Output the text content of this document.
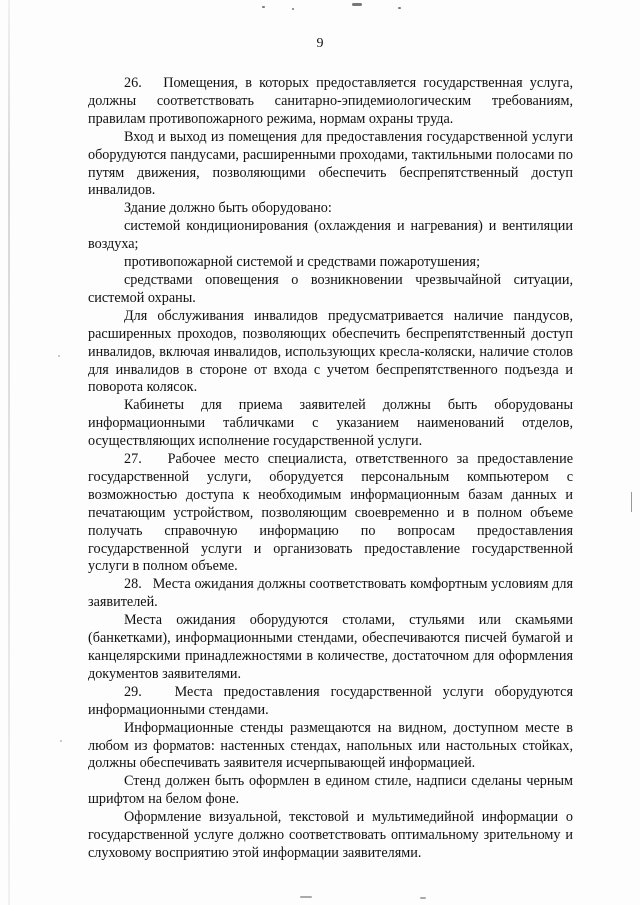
9

26.   Помещения, в которых предоставляется государственная услуга, должны соответствовать санитарно-эпидемиологическим требованиям, правилам противопожарного режима, нормам охраны труда.

Вход и выход из помещения для предоставления государственной услуги оборудуются пандусами, расширенными проходами, тактильными полосами по путям движения, позволяющими обеспечить беспрепятственный доступ инвалидов.

Здание должно быть оборудовано:

системой кондиционирования (охлаждения и нагревания) и вентиляции воздуха;

противопожарной системой и средствами пожаротушения;

средствами оповещения о возникновении чрезвычайной ситуации, системой охраны.

Для обслуживания инвалидов предусматривается наличие пандусов, расширенных проходов, позволяющих обеспечить беспрепятственный доступ инвалидов, включая инвалидов, использующих кресла-коляски, наличие столов для инвалидов в стороне от входа с учетом беспрепятственного подъезда и поворота колясок.

Кабинеты для приема заявителей должны быть оборудованы информационными табличками с указанием наименований отделов, осуществляющих исполнение государственной услуги.

27.   Рабочее место специалиста, ответственного за предоставление государственной услуги, оборудуется персональным компьютером с возможностью доступа к необходимым информационным базам данных и печатающим устройством, позволяющим своевременно и в полном объеме получать справочную информацию по вопросам предоставления государственной услуги и организовать предоставление государственной услуги в полном объеме.

28.   Места ожидания должны соответствовать комфортным условиям для заявителей.

Места ожидания оборудуются столами, стульями или скамьями (банкетками), информационными стендами, обеспечиваются писчей бумагой и канцелярскими принадлежностями в количестве, достаточном для оформления документов заявителями.

29.   Места предоставления государственной услуги оборудуются информационными стендами.

Информационные стенды размещаются на видном, доступном месте в любом из форматов: настенных стендах, напольных или настольных стойках, должны обеспечивать заявителя исчерпывающей информацией.

Стенд должен быть оформлен в едином стиле, надписи сделаны черным шрифтом на белом фоне.

Оформление визуальной, текстовой и мультимедийной информации о государственной услуге должно соответствовать оптимальному зрительному и слуховому восприятию этой информации заявителями.
